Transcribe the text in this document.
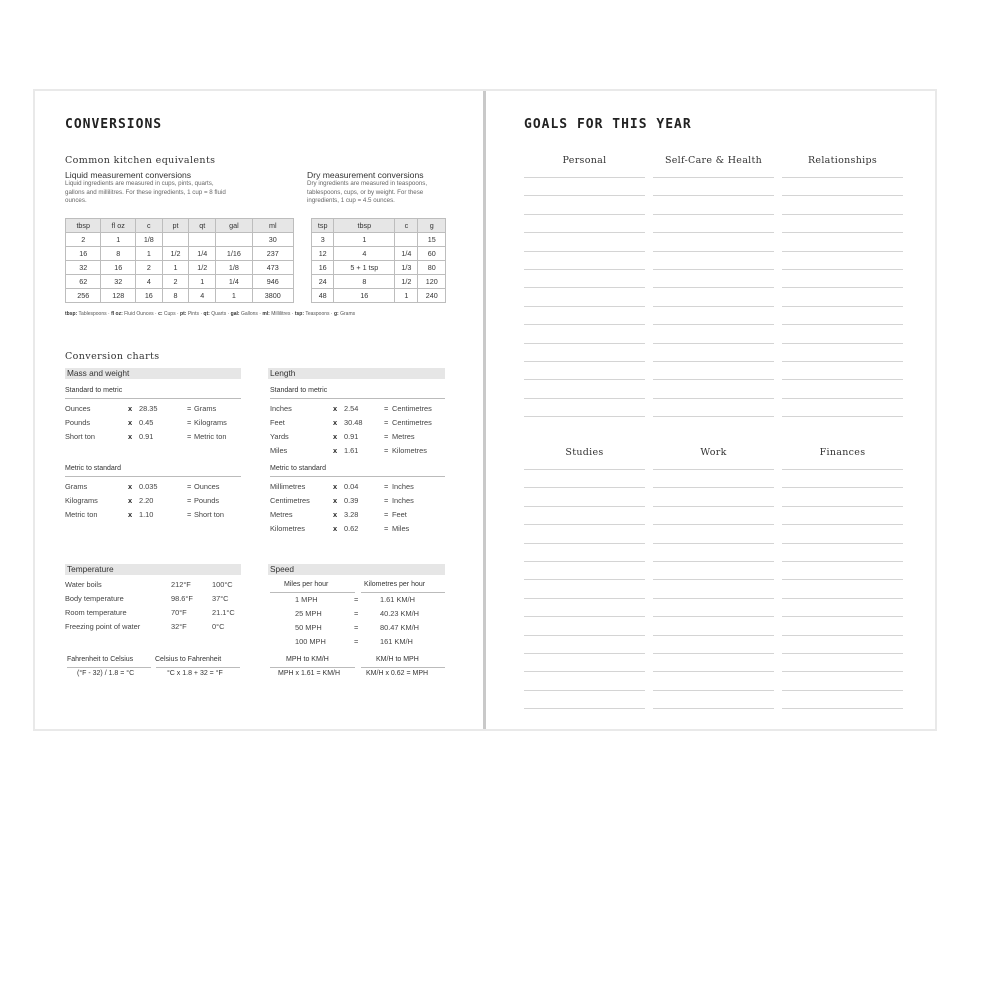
CONVERSIONS
Common kitchen equivalents
Liquid measurement conversions
Liquid ingredients are measured in cups, pints, quarts, gallons and millilitres. For these ingredients, 1 cup = 8 fluid ounces.
tbsp	fl oz	c	pt	qt	gal	ml
2	1	1/8				30
16	8	1	1/2	1/4	1/16	237
32	16	2	1	1/2	1/8	473
62	32	4	2	1	1/4	946
256	128	16	8	4	1	3800
Dry measurement conversions
Dry ingredients are measured in teaspoons, tablespoons, cups, or by weight. For these ingredients, 1 cup = 4.5 ounces.
tsp	tbsp	c	g
3	1		15
12	4	1/4	60
16	5 + 1 tsp	1/3	80
24	8	1/2	120
48	16	1	240
tbsp: Tablespoons · fl oz: Fluid Ounces · c: Cups · pt: Pints · qt: Quarts · gal: Gallons · ml: Millilitres · tsp: Teaspoons · g: Grams
Conversion charts
Mass and weight
Standard to metric
Metric to standard
Length
Standard to metric
Metric to standard
Temperature
Fahrenheit to Celsius	Celsius to Fahrenheit
(°F - 32) / 1.8 = °C	°C x 1.8 + 32 = °F
Speed
Miles per hour	Kilometres per hour
MPH to KM/H	KM/H to MPH
MPH x 1.61 = KM/H	KM/H x 0.62 = MPH
Ounces	x 28.35	= Grams
Pounds	x 0.45	= Kilograms
Short ton	x 0.91	= Metric ton
Grams	x 0.035	= Ounces
Kilograms	x 2.20	= Pounds
Metric ton	x 1.10	= Short ton
Inches	x 2.54	= Centimetres
Feet	x 30.48	= Centimetres
Yards	x 0.91	= Metres
Miles	x 1.61	= Kilometres
Millimetres	x 0.04	= Inches
Centimetres	x 0.39	= Inches
Metres	x 3.28	= Feet
Kilometres	x 0.62	= Miles
Water boils	212°F	100°C
Body temperature	98.6°F	37°C
Room temperature	70°F	21.1°C
Freezing point of water	32°F	0°C
1 MPH	=	1.61 KM/H
25 MPH	=	40.23 KM/H
50 MPH	=	80.47 KM/H
100 MPH	=	161 KM/H
GOALS FOR THIS YEAR
Personal	Self-Care & Health	Relationships
Studies	Work	Finances
